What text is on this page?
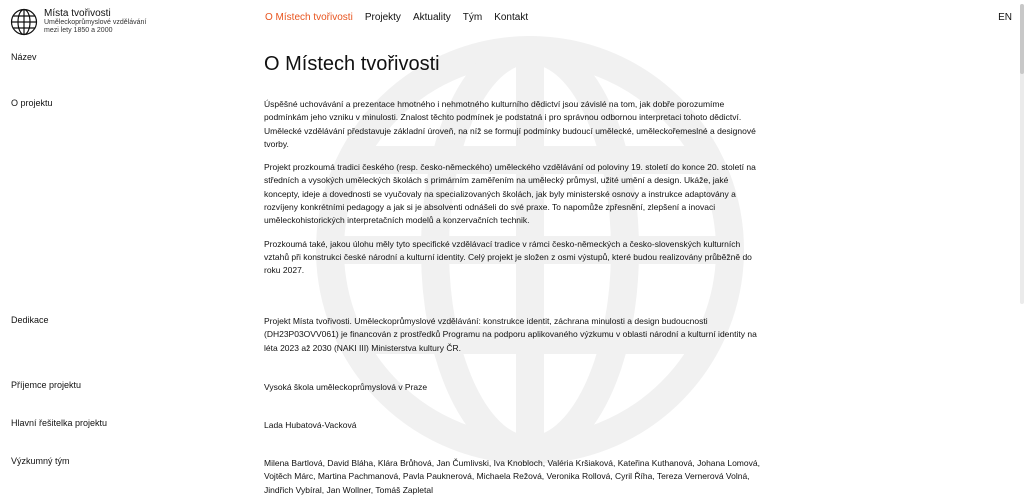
Místa tvořivosti
Uměleckoprůmyslové vzdělávání mezi lety 1850 a 2000
O Místech tvořivosti Projekty Aktuality Tým Kontakt	EN
Název	O Místech tvořivosti
O projektu	Úspěšné uchovávání a prezentace hmotného i nehmotného kulturního dědictví jsou závislé na tom, jak dobře porozumíme podmínkám jeho vzniku v minulosti. Znalost těchto podmínek je podstatná i pro správnou odbornou interpretaci tohoto dědictví. Umělecké vzdělávání představuje základní úroveň, na níž se formují podmínky budoucí umělecké, uměleckořemeslné a designové tvorby.

Projekt prozkoumá tradici českého (resp. česko-německého) uměleckého vzdělávání od poloviny 19. století do konce 20. století na středních a vysokých uměleckých školách s primárním zaměřením na umělecký průmysl, užité umění a design. Ukáže, jaké koncepty, ideje a dovednosti se vyučovaly na specializovaných školách, jak byly ministerské osnovy a instrukce adaptovány a rozvíjeny konkrétními pedagogy a jak si je absolventi odnášeli do své praxe. To napomůže zpřesnění, zlepšení a inovaci uměleckohistorických interpretačních modelů a konzervačních technik.

Prozkoumá také, jakou úlohu měly tyto specifické vzdělávací tradice v rámci česko-německých a česko-slovenských kulturních vztahů při konstrukci české národní a kulturní identity. Celý projekt je složen z osmi výstupů, které budou realizovány průběžně do roku 2027.

Dedikace	Projekt Místa tvořivosti. Uměleckoprůmyslové vzdělávání: konstrukce identit, záchrana minulosti a design budoucnosti (DH23P03OVV061) je financován z prostředků Programu na podporu aplikovaného výzkumu v oblasti národní a kulturní identity na léta 2023 až 2030 (NAKI III) Ministerstva kultury ČR.

Příjemce projektu	Vysoká škola uměleckoprůmyslová v Praze

Hlavní řešitelka projektu	Lada Hubatová-Vacková

Výzkumný tým	Milena Bartlová, David Bláha, Klára Brůhová, Jan Čumlivski, Iva Knobloch, Valéria Kršiaková, Kateřina Kuthanová, Johana Lomová, Vojtěch Márc, Martina Pachmanová, Pavla Pauknerová, Michaela Režová, Veronika Rollová, Cyril Říha, Tereza Vernerová Volná, Jindřich Vybíral, Jan Wollner, Tomáš Zapletal
